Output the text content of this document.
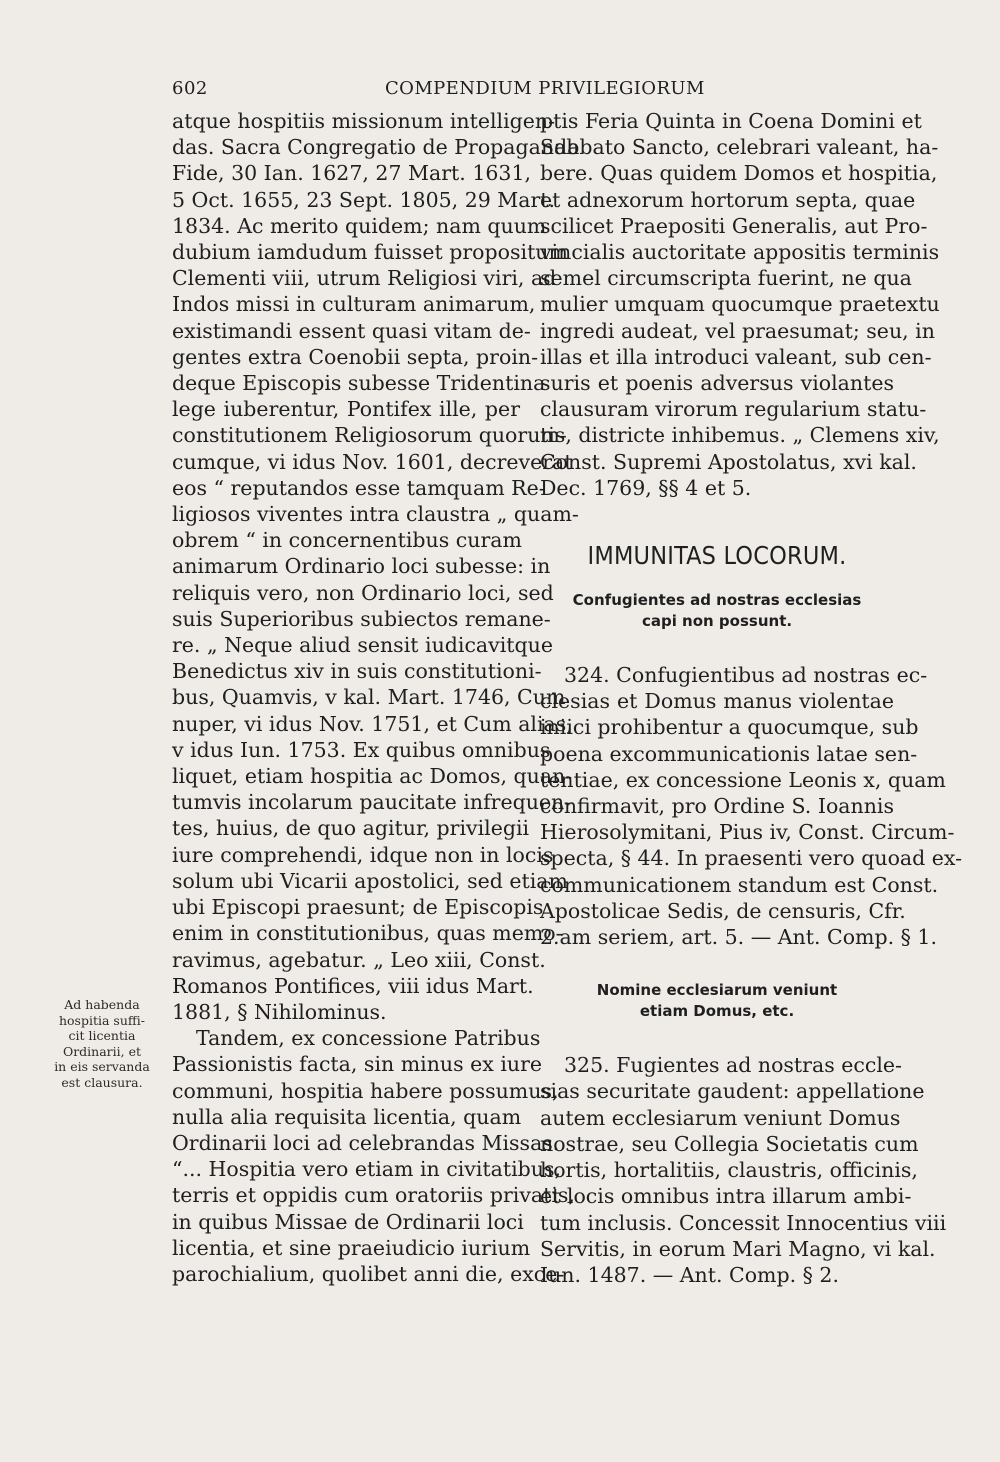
602	COMPENDIUM PRIVILEGIORUM
Ad habenda
hospitia suffi-
cit licentia
Ordinarii, et
in eis servanda
est clausura.
atque hospitiis missionum intelligen-
das. Sacra Congregatio de Propaganda
Fide, 30 Ian. 1627, 27 Mart. 1631,
5 Oct. 1655, 23 Sept. 1805, 29 Mart.
1834. Ac merito quidem; nam quum
dubium iamdudum fuisset propositum
Clementi viii, utrum Religiosi viri, ad
Indos missi in culturam animarum,
existimandi essent quasi vitam de-
gentes extra Coenobii septa, proin-
deque Episcopis subesse Tridentina
lege iuberentur, Pontifex ille, per
constitutionem Religiosorum quorum-
cumque, vi idus Nov. 1601, decreverat
eos “ reputandos esse tamquam Re-
ligiosos viventes intra claustra „ quam-
obrem “ in concernentibus curam
animarum Ordinario loci subesse: in
reliquis vero, non Ordinario loci, sed
suis Superioribus subiectos remane-
re. „ Neque aliud sensit iudicavitque
Benedictus xiv in suis constitutioni-
bus, Quamvis, v kal. Mart. 1746, Cum
nuper, vi idus Nov. 1751, et Cum alias,
v idus Iun. 1753. Ex quibus omnibus
liquet, etiam hospitia ac Domos, quan-
tumvis incolarum paucitate infrequen-
tes, huius, de quo agitur, privilegii
iure comprehendi, idque non in locis
solum ubi Vicarii apostolici, sed etiam
ubi Episcopi praesunt; de Episcopis
enim in constitutionibus, quas memo-
ravimus, agebatur. „ Leo xiii, Const.
Romanos Pontifices, viii idus Mart.
1881, § Nihilominus.
Tandem, ex concessione Patribus
Passionistis facta, sin minus ex iure
communi, hospitia habere possumus,
nulla alia requisita licentia, quam
Ordinarii loci ad celebrandas Missas.
“... Hospitia vero etiam in civitatibus,
terris et oppidis cum oratoriis privatis,
in quibus Missae de Ordinarii loci
licentia, et sine praeiudicio iurium
parochialium, quolibet anni die, exce-
ptis Feria Quinta in Coena Domini et
Sabbato Sancto, celebrari valeant, ha-
bere. Quas quidem Domos et hospitia,
et adnexorum hortorum septa, quae
scilicet Praepositi Generalis, aut Pro-
vincialis auctoritate appositis terminis
semel circumscripta fuerint, ne qua
mulier umquam quocumque praetextu
ingredi audeat, vel praesumat; seu, in
illas et illa introduci valeant, sub cen-
suris et poenis adversus violantes
clausuram virorum regularium statu-
tis, districte inhibemus. „ Clemens xiv,
Const. Supremi Apostolatus, xvi kal.
Dec. 1769, §§ 4 et 5.
IMMUNITAS LOCORUM.
Confugientes ad nostras ecclesias
capi non possunt.
324. Confugientibus ad nostras ec-
clesias et Domus manus violentae
iniici prohibentur a quocumque, sub
poena excommunicationis latae sen-
tentiae, ex concessione Leonis x, quam
confirmavit, pro Ordine S. Ioannis
Hierosolymitani, Pius iv, Const. Circum-
specta, § 44. In praesenti vero quoad ex-
communicationem standum est Const.
Apostolicae Sedis, de censuris, Cfr.
2.am seriem, art. 5. — Ant. Comp. § 1.
Nomine ecclesiarum veniunt
etiam Domus, etc.
325. Fugientes ad nostras eccle-
sias securitate gaudent: appellatione
autem ecclesiarum veniunt Domus
nostrae, seu Collegia Societatis cum
hortis, hortalitiis, claustris, officinis,
et locis omnibus intra illarum ambi-
tum inclusis. Concessit Innocentius viii
Servitis, in eorum Mari Magno, vi kal.
Iun. 1487. — Ant. Comp. § 2.
